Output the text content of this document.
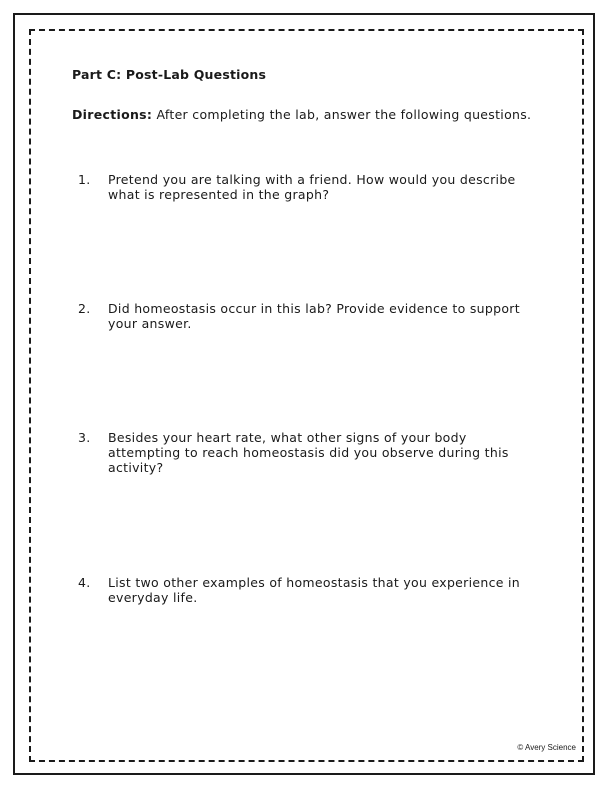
Part C: Post-Lab Questions
Directions: After completing the lab, answer the following questions.
1. Pretend you are talking with a friend. How would you describe what is represented in the graph?
2. Did homeostasis occur in this lab? Provide evidence to support your answer.
3. Besides your heart rate, what other signs of your body attempting to reach homeostasis did you observe during this activity?
4. List two other examples of homeostasis that you experience in everyday life.
© Avery Science
